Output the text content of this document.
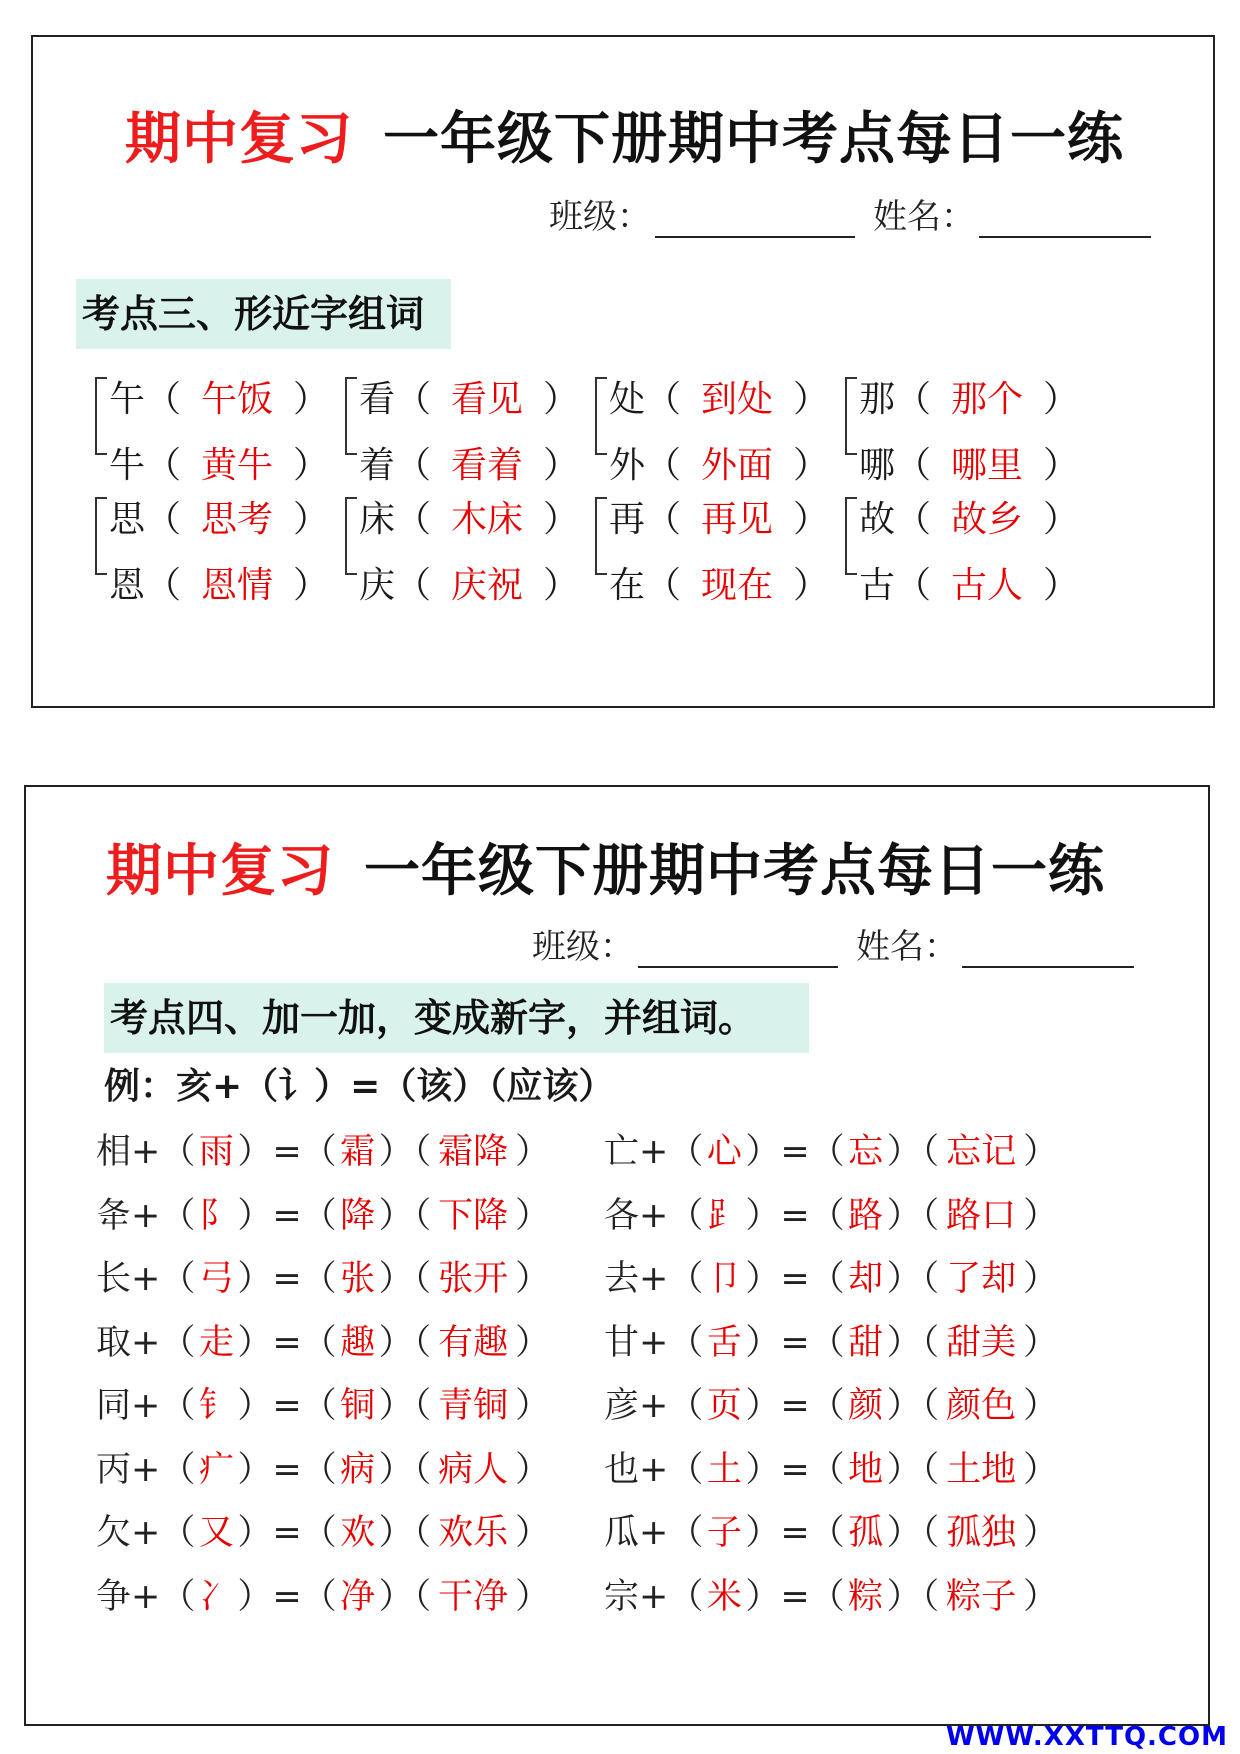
期中复习 一年级下册期中考点每日一练
班级：	姓名：
考点三、形近字组词
午（ 午饭 ）
牛（ 黄牛 ）
看（ 看见 ）
着（ 看着 ）
处（ 到处 ）
外（ 外面 ）
那（ 那个 ）
哪（ 哪里 ）
思（ 思考 ）
恩（ 恩情 ）
床（ 木床 ）
庆（ 庆祝 ）
再（ 再见 ）
在（ 现在 ）
故（ 故乡 ）
古（ 古人 ）
期中复习 一年级下册期中考点每日一练
班级：	姓名：
考点四、加一加，变成新字，并组词。
例：亥+（讠）=（该）（应该）
相+（雨 ）=（霜 ）（ 霜降 ）
夅+（阝 ）=（降 ）（ 下降 ）
长+（弓 ）=（张 ）（ 张开 ）
取+（走 ）=（趣 ）（ 有趣 ）
同+（钅 ）=（铜 ）（ 青铜 ）
丙+（疒 ）=（病 ）（ 病人 ）
欠+（又 ）=（欢 ）（ 欢乐 ）
争+（冫 ）=（净 ）（ 干净 ）
亡+（心 ）=（忘 ）（ 忘记 ）
各+（⻊ ）=（路 ）（ 路口 ）
去+（卩 ）=（却 ）（ 了却 ）
甘+（舌 ）=（甜 ）（ 甜美 ）
彦+（页 ）=（颜 ）（ 颜色 ）
也+（土 ）=（地 ）（ 土地 ）
瓜+（子 ）=（孤 ）（ 孤独 ）
宗+（米 ）=（粽 ）（ 粽子 ）
WWW.XXTTQ.COM
